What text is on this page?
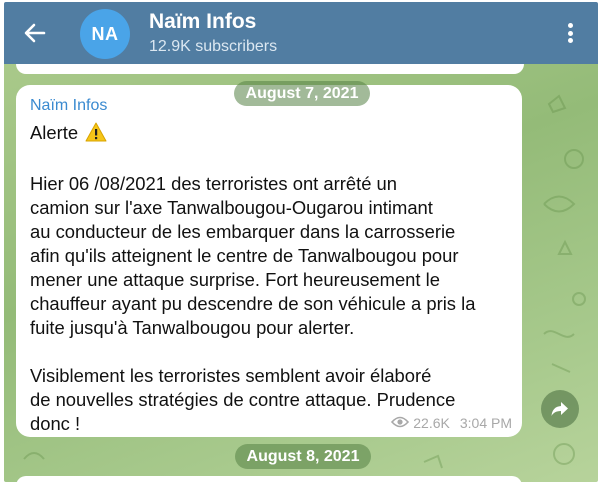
NA
Naïm Infos
12.9K subscribers
Naïm Infos
Alerte
Hier 06 /08/2021 des terroristes ont arrêté un
camion sur l'axe Tanwalbougou-Ougarou intimant
au conducteur de les embarquer dans la carrosserie
afin qu'ils atteignent le centre de Tanwalbougou pour
mener une attaque surprise. Fort heureusement le
chauffeur ayant pu descendre de son véhicule a pris la
fuite jusqu'à Tanwalbougou pour alerter.
Visiblement les terroristes semblent avoir élaboré
de nouvelles stratégies de contre attaque. Prudence
donc !	22.6K 3:04 PM
August 7, 2021
August 8, 2021
